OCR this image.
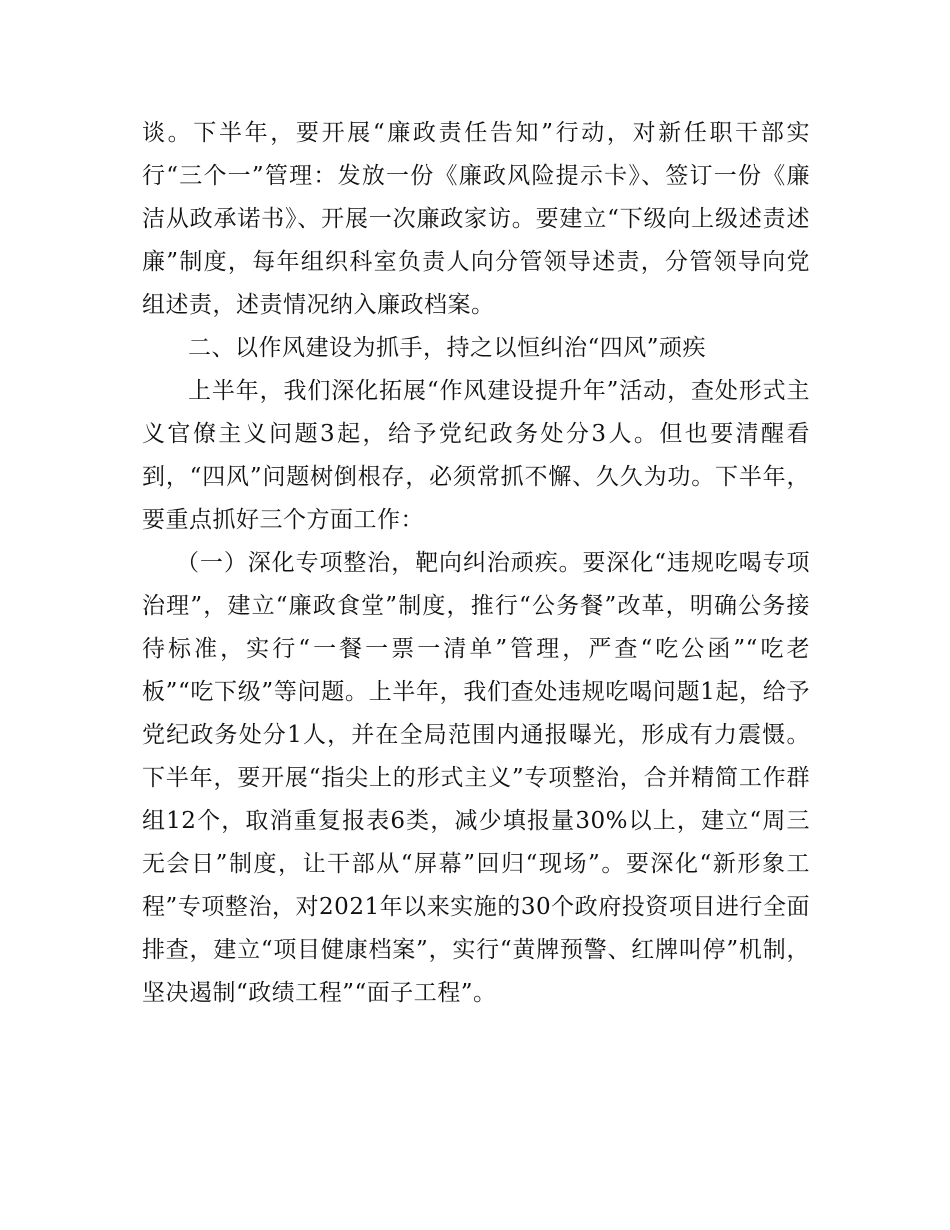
谈。下半年，要开展“廉政责任告知”行动，对新任职干部实行“三个一”管理：发放一份《廉政风险提示卡》、签订一份《廉洁从政承诺书》、开展一次廉政家访。要建立“下级向上级述责述廉”制度，每年组织科室负责人向分管领导述责，分管领导向党组述责，述责情况纳入廉政档案。

二、以作风建设为抓手，持之以恒纠治“四风”顽疾

上半年，我们深化拓展“作风建设提升年”活动，查处形式主义官僚主义问题3起，给予党纪政务处分3人。但也要清醒看到，“四风”问题树倒根存，必须常抓不懈、久久为功。下半年，要重点抓好三个方面工作：

（一）深化专项整治，靶向纠治顽疾。要深化“违规吃喝专项治理”，建立“廉政食堂”制度，推行“公务餐”改革，明确公务接待标准，实行“一餐一票一清单”管理，严查“吃公函”“吃老板”“吃下级”等问题。上半年，我们查处违规吃喝问题1起，给予党纪政务处分1人，并在全局范围内通报曝光，形成有力震慑。下半年，要开展“指尖上的形式主义”专项整治，合并精简工作群组12个，取消重复报表6类，减少填报量30%以上，建立“周三无会日”制度，让干部从“屏幕”回归“现场”。要深化“新形象工程”专项整治，对2021年以来实施的30个政府投资项目进行全面排查，建立“项目健康档案”，实行“黄牌预警、红牌叫停”机制，坚决遏制“政绩工程”“面子工程”。
